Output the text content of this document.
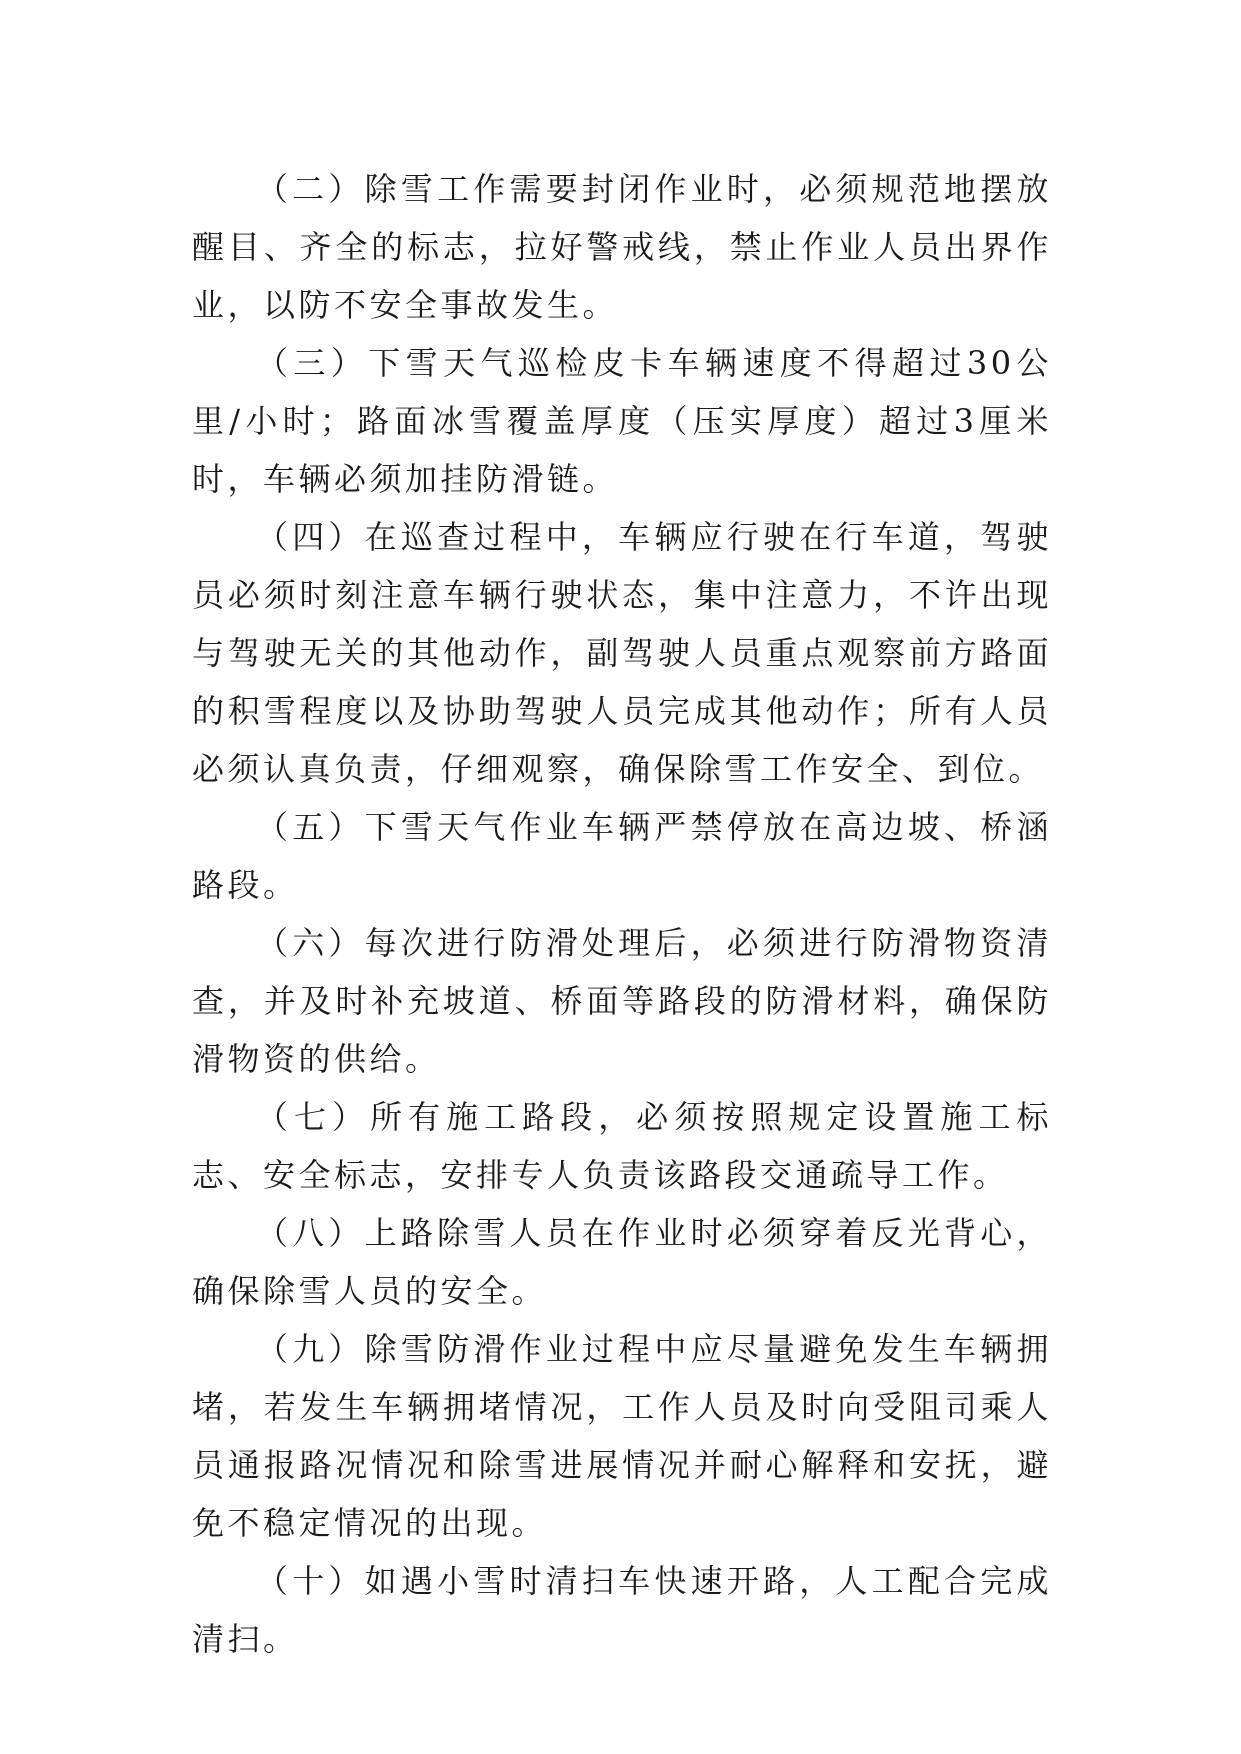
（二）除雪工作需要封闭作业时，必须规范地摆放醒目、齐全的标志，拉好警戒线，禁止作业人员出界作业，以防不安全事故发生。

（三）下雪天气巡检皮卡车辆速度不得超过30公里/小时；路面冰雪覆盖厚度（压实厚度）超过3厘米时，车辆必须加挂防滑链。

（四）在巡查过程中，车辆应行驶在行车道，驾驶员必须时刻注意车辆行驶状态，集中注意力，不许出现与驾驶无关的其他动作，副驾驶人员重点观察前方路面的积雪程度以及协助驾驶人员完成其他动作；所有人员必须认真负责，仔细观察，确保除雪工作安全、到位。

（五）下雪天气作业车辆严禁停放在高边坡、桥涵路段。

（六）每次进行防滑处理后，必须进行防滑物资清查，并及时补充坡道、桥面等路段的防滑材料，确保防滑物资的供给。

（七）所有施工路段，必须按照规定设置施工标志、安全标志，安排专人负责该路段交通疏导工作。

（八）上路除雪人员在作业时必须穿着反光背心，确保除雪人员的安全。

（九）除雪防滑作业过程中应尽量避免发生车辆拥堵，若发生车辆拥堵情况，工作人员及时向受阻司乘人员通报路况情况和除雪进展情况并耐心解释和安抚，避免不稳定情况的出现。

（十）如遇小雪时清扫车快速开路，人工配合完成清扫。
